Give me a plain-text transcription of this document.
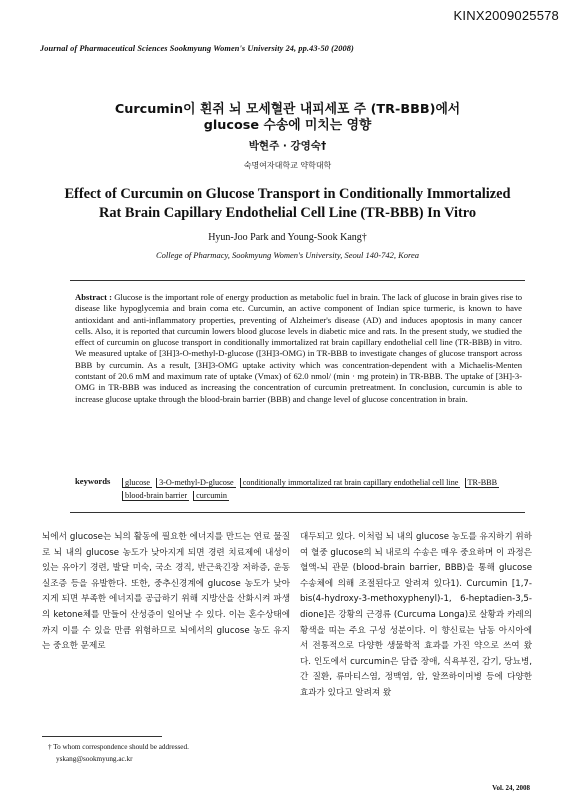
KINX2009025578
Journal of Pharmaceutical Sciences Sookmyung Women's University 24, pp.43-50 (2008)
Curcumin이 흰쥐 뇌 모세혈관 내피세포 주 (TR-BBB)에서
glucose 수송에 미치는 영향
박현주 · 강영숙†
숙명여자대학교 약학대학
Effect of Curcumin on Glucose Transport in Conditionally Immortalized
Rat Brain Capillary Endothelial Cell Line (TR-BBB) In Vitro
Hyun-Joo Park and Young-Sook Kang†
College of Pharmacy, Sookmyung Women's University, Seoul 140-742, Korea
Abstract : Glucose is the important role of energy production as metabolic fuel in brain. The lack of glucose in brain gives rise to disease like hypoglycemia and brain coma etc. Curcumin, an active component of Indian spice turmeric, is known to have antioxidant and anti-inflammatory properties, preventing of Alzheimer's disease (AD) and induces apoptosis in many cancer cells. Also, it is reported that curcumin lowers blood glucose levels in diabetic mice and rats. In the present study, we studied the effect of curcumin on glucose transport in conditionally immortalized rat brain capillary endothelial cell line (TR-BBB) in vitro. We measured uptake of [3H]3-O-methyl-D-glucose ([3H]3-OMG) in TR-BBB to investigate changes of glucose transport across BBB by curcumin. As a result, [3H]3-OMG uptake activity which was concentration-dependent with a Michaelis-Menten contstant of 20.6 mM and maximum rate of uptake (Vmax) of 62.0 nmol/ (min · mg protein) in TR-BBB. The uptake of [3H]-3-OMG in TR-BBB was induced as increasing the concentration of curcumin pretreatment. In conclusion, curcumin is able to increase glucose uptake through the blood-brain barrier (BBB) and change level of glucose concentration in brain.
keywords	glucose 3-O-methyl-D-glucose conditionally immortalized rat brain capillary endothelial cell line TR-BBB blood-brain barrier curcumin
뇌에서 glucose는 뇌의 활동에 필요한 에너지를 만드는 연료 물질로 뇌 내의 glucose 농도가 낮아지게 되면 경련 치료제에 내성이 있는 유아기 경련, 발달 미숙, 국소 경직, 반근육긴장 저하증, 운동 실조증 등을 유발한다. 또한, 중추신경계에 glucose 농도가 낮아지게 되면 부족한 에너지를 공급하기 위해 지방산을 산화시켜 파생의 ketone체를 만들어 산성증이 일어날 수 있다. 이는 혼수상태에까지 이를 수 있을 만큼 위험하므로 뇌에서의 glucose 농도 유지는 중요한 문제로
대두되고 있다. 이처럼 뇌 내의 glucose 농도를 유지하기 위하여 혈중 glucose의 뇌 내로의 수송은 매우 중요하며 이 과정은 혈액-뇌 관문 (blood-brain barrier, BBB)을 통해 glucose수송체에 의해 조절된다고 알려져 있다1). Curcumin [1,7-bis(4-hydroxy-3-methoxyphenyl)-1, 6-heptadien-3,5-dione]은 강황의 근경류 (Curcuma Longa)로 살황과 카레의 황색을 띠는 주요 구성 성분이다. 이 향신료는 남동 아시아에서 전통적으로 다양한 생물학적 효과를 가진 약으로 쓰여 왔다. 인도에서 curcumin은 담즙 장애, 식욕부진, 감기, 당뇨병, 간 질환, 류마티스염, 정맥염, 암, 알쯔하이머병 등에 다양한 효과가 있다고 알려져 왔
† To whom correspondence should be addressed.
yskang@sookmyung.ac.kr
Vol. 24, 2008
